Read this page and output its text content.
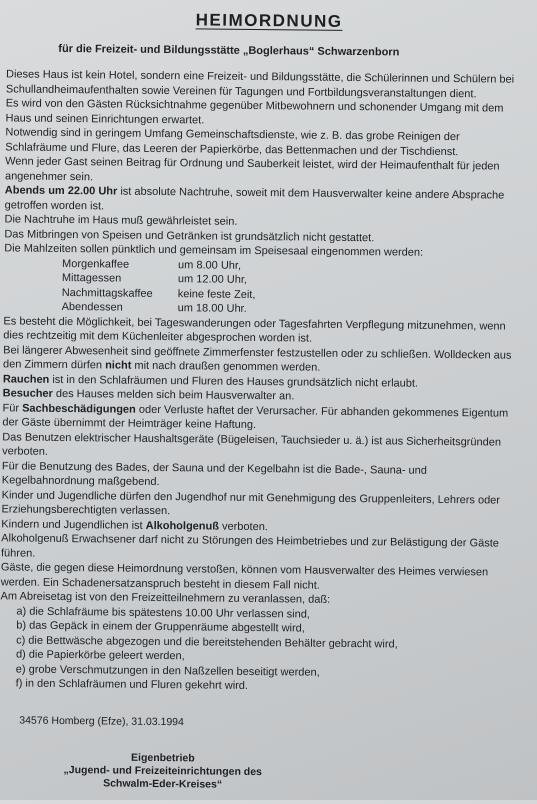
HEIMORDNUNG
für die Freizeit- und Bildungsstätte „Boglerhaus“ Schwarzenborn

Dieses Haus ist kein Hotel, sondern eine Freizeit- und Bildungsstätte, die Schülerinnen und Schülern bei Schullandheimaufenthalten sowie Vereinen für Tagungen und Fortbildungsveranstaltungen dient.

Es wird von den Gästen Rücksichtnahme gegenüber Mitbewohnern und schonender Umgang mit dem Haus und seinen Einrichtungen erwartet.

Notwendig sind in geringem Umfang Gemeinschaftsdienste, wie z. B. das grobe Reinigen der Schlafräume und Flure, das Leeren der Papierkörbe, das Bettenmachen und der Tischdienst.

Wenn jeder Gast seinen Beitrag für Ordnung und Sauberkeit leistet, wird der Heimaufenthalt für jeden angenehmer sein.

Abends um 22.00 Uhr ist absolute Nachtruhe, soweit mit dem Hausverwalter keine andere Absprache getroffen worden ist.

Die Nachtruhe im Haus muß gewährleistet sein.

Das Mitbringen von Speisen und Getränken ist grundsätzlich nicht gestattet.

Die Mahlzeiten sollen pünktlich und gemeinsam im Speisesaal eingenommen werden:

Morgenkaffee	um 8.00 Uhr,
Mittagessen	um 12.00 Uhr,
Nachmittagskaffee	keine feste Zeit,
Abendessen	um 18.00 Uhr.

Es besteht die Möglichkeit, bei Tageswanderungen oder Tagesfahrten Verpflegung mitzunehmen, wenn dies rechtzeitig mit dem Küchenleiter abgesprochen worden ist.

Bei längerer Abwesenheit sind geöffnete Zimmerfenster festzustellen oder zu schließen. Wolldecken aus den Zimmern dürfen nicht mit nach draußen genommen werden.

Rauchen ist in den Schlafräumen und Fluren des Hauses grundsätzlich nicht erlaubt.

Besucher des Hauses melden sich beim Hausverwalter an.

Für Sachbeschädigungen oder Verluste haftet der Verursacher. Für abhanden gekommenes Eigentum der Gäste übernimmt der Heimträger keine Haftung.

Das Benutzen elektrischer Haushaltsgeräte (Bügeleisen, Tauchsieder u. ä.) ist aus Sicherheitsgründen verboten.

Für die Benutzung des Bades, der Sauna und der Kegelbahn ist die Bade-, Sauna- und Kegelbahnordnung maßgebend.

Kinder und Jugendliche dürfen den Jugendhof nur mit Genehmigung des Gruppenleiters, Lehrers oder Erziehungsberechtigten verlassen.

Kindern und Jugendlichen ist Alkoholgenuß verboten.

Alkoholgenuß Erwachsener darf nicht zu Störungen des Heimbetriebes und zur Belästigung der Gäste führen.

Gäste, die gegen diese Heimordnung verstoßen, können vom Hausverwalter des Heimes verwiesen werden. Ein Schadenersatzanspruch besteht in diesem Fall nicht.

Am Abreisetag ist von den Freizeitteilnehmern zu veranlassen, daß:

a) die Schlafräume bis spätestens 10.00 Uhr verlassen sind,
b) das Gepäck in einem der Gruppenräume abgestellt wird,
c) die Bettwäsche abgezogen und die bereitstehenden Behälter gebracht wird,
d) die Papierkörbe geleert werden,
e) grobe Verschmutzungen in den Naßzellen beseitigt werden,
f) in den Schlafräumen und Fluren gekehrt wird.
34576 Homberg (Efze), 31.03.1994
Eigenbetrieb
„Jugend- und Freizeiteinrichtungen des
Schwalm-Eder-Kreises“
